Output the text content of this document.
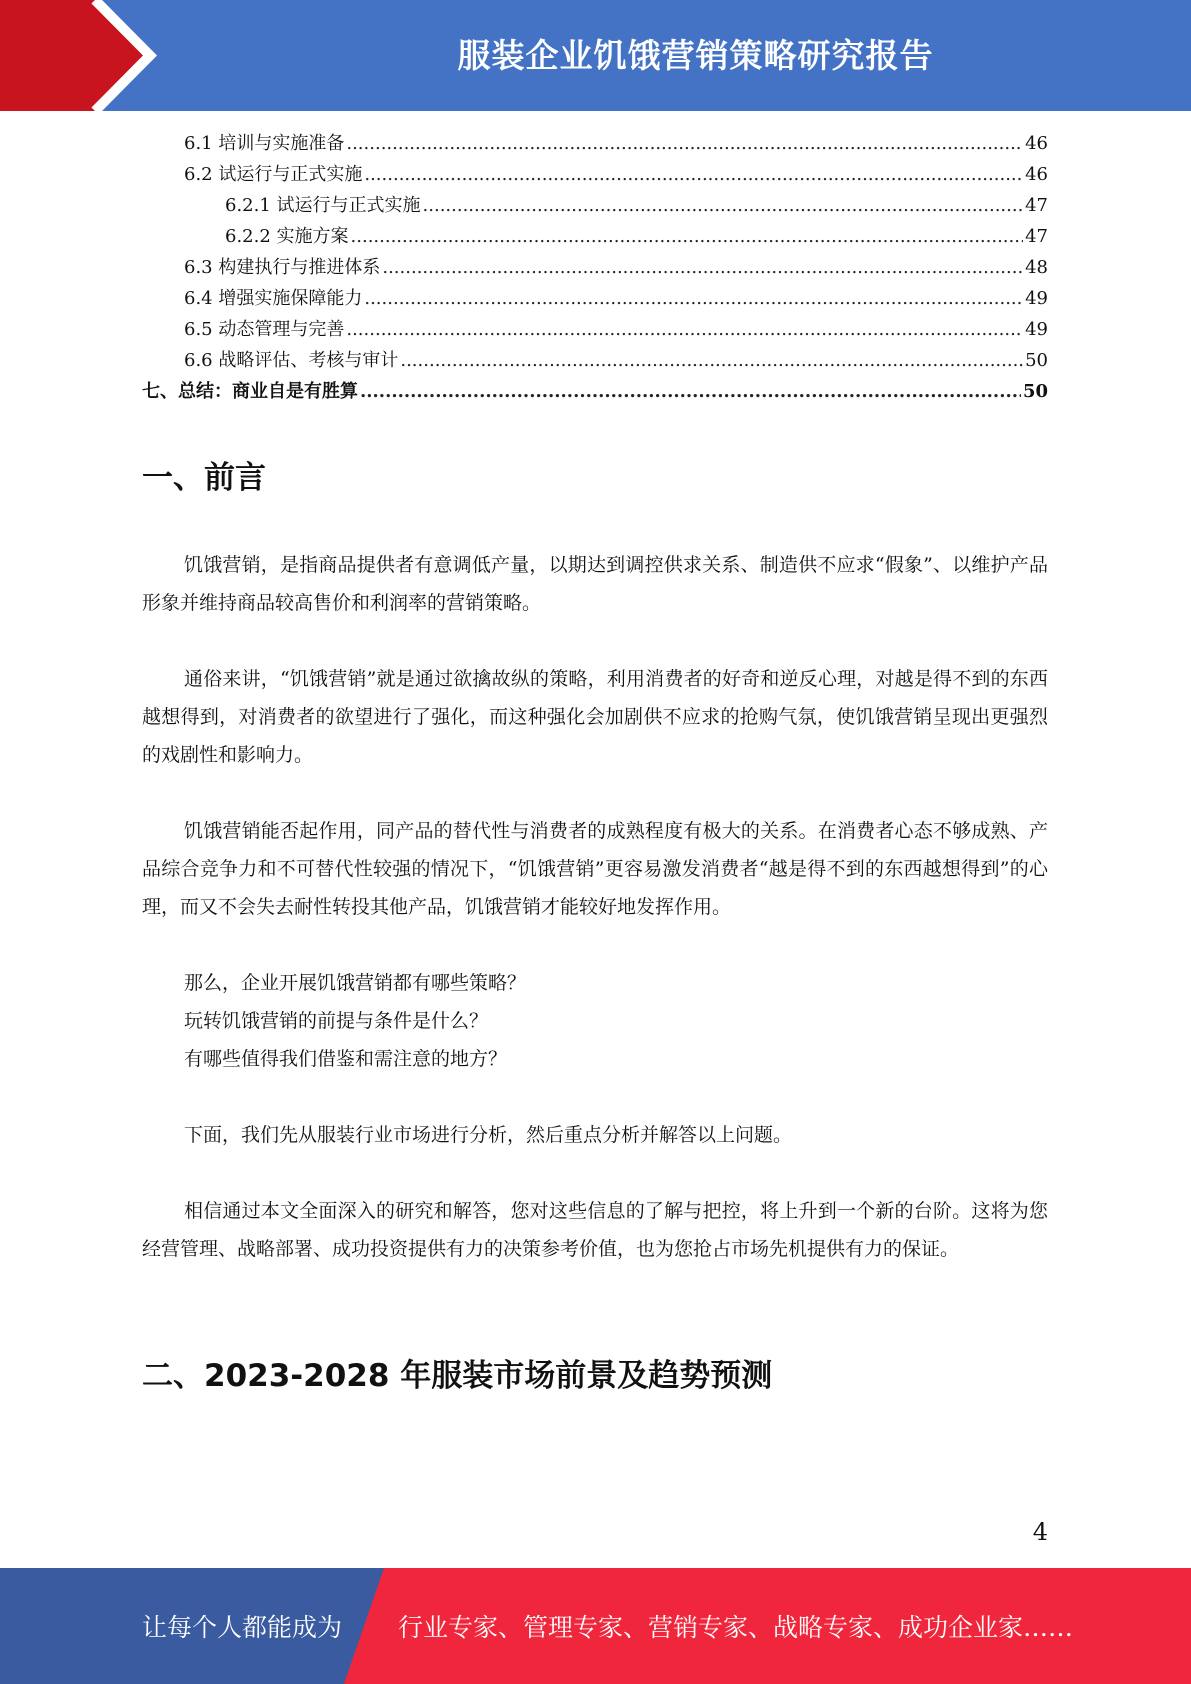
服装企业饥饿营销策略研究报告
6.1 培训与实施准备 .....	46
6.2 试运行与正式实施 .....	46
6.2.1 试运行与正式实施 .....	47
6.2.2 实施方案 .....	47
6.3 构建执行与推进体系 .....	48
6.4 增强实施保障能力 .....	49
6.5 动态管理与完善 .....	49
6.6 战略评估、考核与审计 .....	50
七、总结：商业自是有胜算 .....	50
一、前言

饥饿营销，是指商品提供者有意调低产量，以期达到调控供求关系、制造供不应求“假象”、以维护产品形象并维持商品较高售价和利润率的营销策略。

通俗来讲，“饥饿营销”就是通过欲擒故纵的策略，利用消费者的好奇和逆反心理，对越是得不到的东西越想得到，对消费者的欲望进行了强化，而这种强化会加剧供不应求的抢购气氛，使饥饿营销呈现出更强烈的戏剧性和影响力。

饥饿营销能否起作用，同产品的替代性与消费者的成熟程度有极大的关系。在消费者心态不够成熟、产品综合竞争力和不可替代性较强的情况下，“饥饿营销”更容易激发消费者“越是得不到的东西越想得到”的心理，而又不会失去耐性转投其他产品，饥饿营销才能较好地发挥作用。

那么，企业开展饥饿营销都有哪些策略？

玩转饥饿营销的前提与条件是什么？

有哪些值得我们借鉴和需注意的地方？

下面，我们先从服装行业市场进行分析，然后重点分析并解答以上问题。

相信通过本文全面深入的研究和解答，您对这些信息的了解与把控，将上升到一个新的台阶。这将为您经营管理、战略部署、成功投资提供有力的决策参考价值，也为您抢占市场先机提供有力的保证。

二、2023-2028 年服装市场前景及趋势预测
4
让每个人都能成为 行业专家、管理专家、营销专家、战略专家、成功企业家……
